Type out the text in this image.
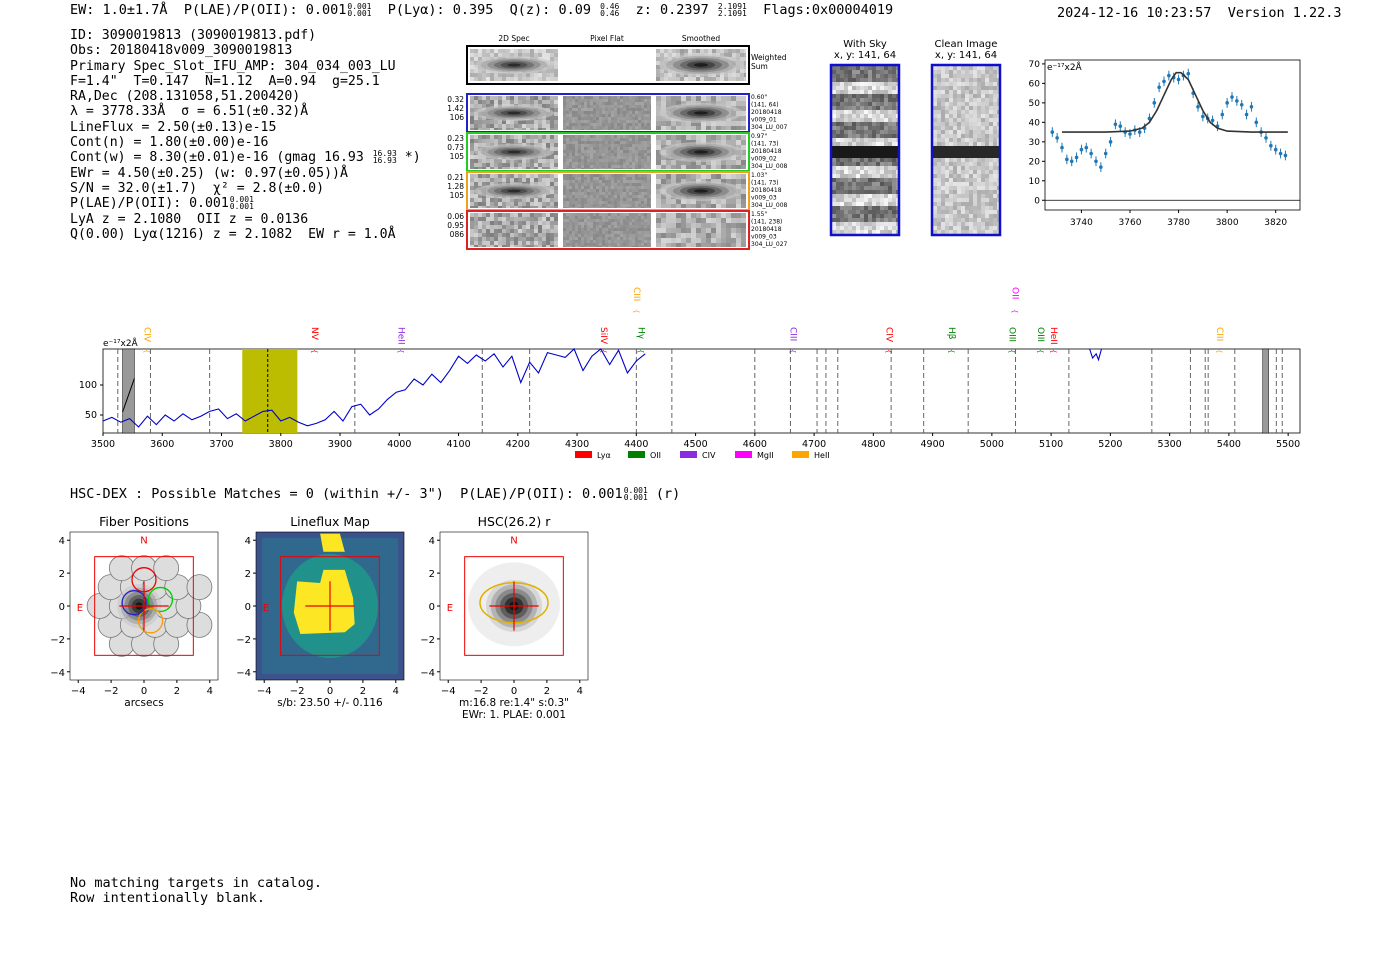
EW: 1.0±1.7Å P(LAE)/P(OII): 0.001 0.001
0.001 P(Lyα): 0.395 Q(z): 0.09 0.46
0.46 z: 0.2397 2.1091
2.1091 Flags:0x00004019	2024-12-16 10:23:57 Version 1.22.3
ID: 3090019813 (3090019813.pdf)
Obs: 20180418v009_3090019813
Primary Spec_Slot_IFU_AMP: 304_034_003_LU
F=1.4"  T=0.147  N=1.12  A=0.94  g=25.1
RA,Dec (208.131058,51.200420)
λ = 3778.33Å  σ = 6.51(±0.32)Å
LineFlux = 2.50(±0.13)e-15
Cont(n) = 1.80(±0.00)e-16
Cont(w) = 8.30(±0.01)e-16 (gmag 16.93 16.93
16.93 *)
EWr = 4.50(±0.25) (w: 0.97(±0.05))Å
S/N = 32.0(±1.7)  χ² = 2.8(±0.0)
P(LAE)/P(OII): 0.001 0.001
0.001
LyA z = 2.1080  OII z = 0.0136
Q(0.00) Lyα(1216) z = 2.1082  EW r = 1.0Å
2D Spec	Pixel Flat	Smoothed
Weighted
Sum
0.32
1.42
106
0.60"
(141, 64)
20180418
v009_01
304_LU_007
0.23
0.73
105
0.97"
(141, 73)
20180418
v009_02
304_LU_008
0.21
1.28
105
1.03"
(141, 73)
20180418
v009_03
304_LU_008
0.06
0.95
086
1.55"
(141, 238)
20180418
v009_03
304_LU_027
With Sky
x, y: 141, 64
Clean Image
x, y: 141, 64
0
10
20
30
40
50
60
70
3740	3760	3780	3800	3820
e⁻¹⁷x2Å
50
100
3500	3600	3700	3800	3900	4000	4100	4200	4300	4400	4500	4600	4700	4800	4900	5000	5100	5200	5300	5400	5500
e⁻¹⁷x2Å
CIV
{
NV
{
HeII
{
SiIV
{
CIII
{
Hγ
{
CIII
{
CIV
{
Hβ
{
OIII
{
OII
{
OIII
{
HeII
{
CIII
{
Lyα	OII	CIV	MgII	HeII
HSC-DEX : Possible Matches = 0 (within +/- 3")  P(LAE)/P(OII): 0.001 0.001
0.001 (r)
Fiber Positions
N
E
−4
−4
−2
−2
0
0
2
2
4
4
arcsecs
Lineflux Map
E
−4
−4
−2
−2
0
0
2
2
4
4
s/b: 23.50 +/- 0.116
HSC(26.2) r
N
E
−4
−4
−2
−2
0
0
2
2
4
4
m:16.8 re:1.4" s:0.3"
EWr: 1. PLAE: 0.001
No matching targets in catalog.
Row intentionally blank.
